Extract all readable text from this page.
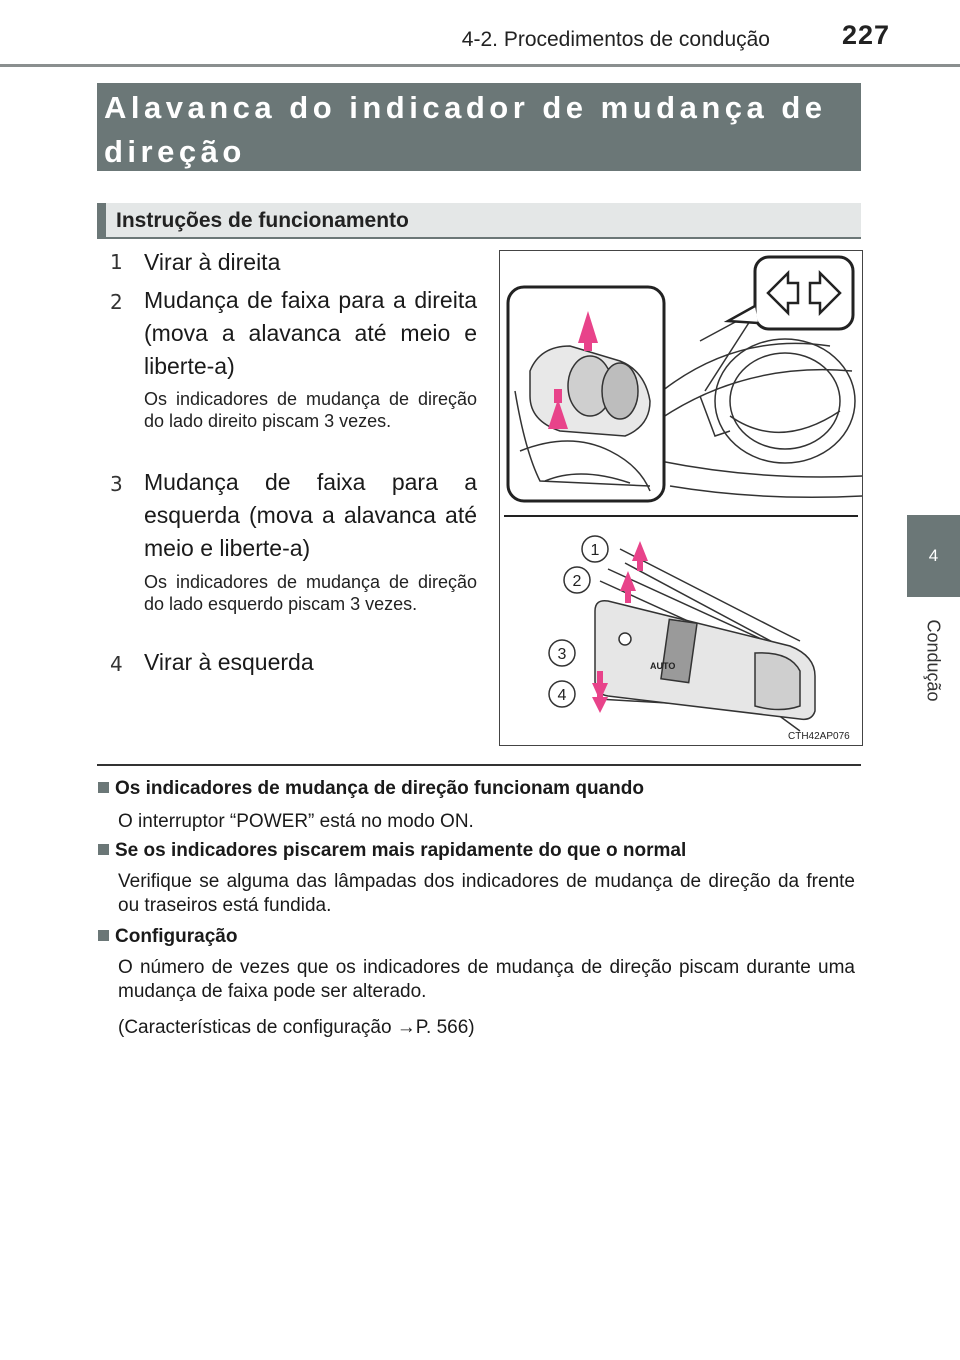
4-2. Procedimentos de condução	227
4
Condução
Alavanca do indicador de mudança de direção
Instruções de funcionamento
1 Virar à direita
2 Mudança de faixa para a direita (mova a alavanca até meio e liberte-a)
Os indicadores de mudança de direção do lado direito piscam 3 vezes.
3 Mudança de faixa para a esquerda (mova a alavanca até meio e liberte-a)
Os indicadores de mudança de direção do lado esquerdo piscam 3 vezes.
4 Virar à esquerda	AUTO
1
2
3
4
CTH42AP076
Os indicadores de mudança de direção funcionam quando
O interruptor “POWER” está no modo ON.
Se os indicadores piscarem mais rapidamente do que o normal
Verifique se alguma das lâmpadas dos indicadores de mudança de direção da frente ou traseiros está fundida.
Configuração
O número de vezes que os indicadores de mudança de direção piscam durante uma mudança de faixa pode ser alterado.
(Características de configuração →P. 566)
